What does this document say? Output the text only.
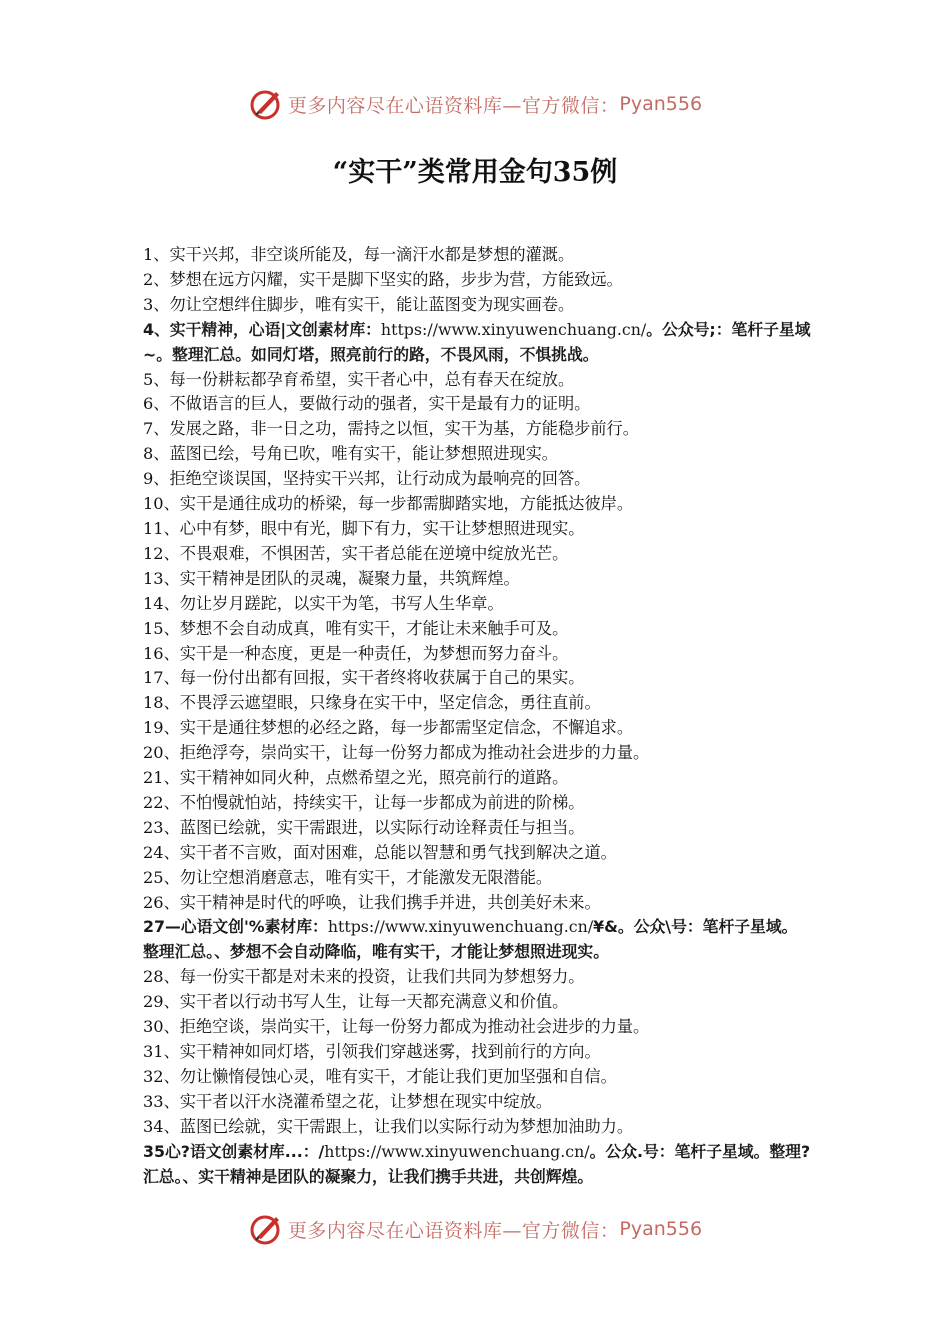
更多内容尽在心语资料库—官方微信： Pyan556
“实干”类常用金句35例
1、实干兴邦，非空谈所能及，每一滴汗水都是梦想的灌溉。
2、梦想在远方闪耀，实干是脚下坚实的路，步步为营，方能致远。
3、勿让空想绊住脚步，唯有实干，能让蓝图变为现实画卷。
4、实干精神，心语|文创素材库：https://www.xinyuwenchuang.cn/。公众号;：笔杆子星域~。整理汇总。如同灯塔，照亮前行的路，不畏风雨，不惧挑战。
5、每一份耕耘都孕育希望，实干者心中，总有春天在绽放。
6、不做语言的巨人，要做行动的强者，实干是最有力的证明。
7、发展之路，非一日之功，需持之以恒，实干为基，方能稳步前行。
8、蓝图已绘，号角已吹，唯有实干，能让梦想照进现实。
9、拒绝空谈误国，坚持实干兴邦，让行动成为最响亮的回答。
10、实干是通往成功的桥梁，每一步都需脚踏实地，方能抵达彼岸。
11、心中有梦，眼中有光，脚下有力，实干让梦想照进现实。
12、不畏艰难，不惧困苦，实干者总能在逆境中绽放光芒。
13、实干精神是团队的灵魂，凝聚力量，共筑辉煌。
14、勿让岁月蹉跎，以实干为笔，书写人生华章。
15、梦想不会自动成真，唯有实干，才能让未来触手可及。
16、实干是一种态度，更是一种责任，为梦想而努力奋斗。
17、每一份付出都有回报，实干者终将收获属于自己的果实。
18、不畏浮云遮望眼，只缘身在实干中，坚定信念，勇往直前。
19、实干是通往梦想的必经之路，每一步都需坚定信念，不懈追求。
20、拒绝浮夸，崇尚实干，让每一份努力都成为推动社会进步的力量。
21、实干精神如同火种，点燃希望之光，照亮前行的道路。
22、不怕慢就怕站，持续实干，让每一步都成为前进的阶梯。
23、蓝图已绘就，实干需跟进，以实际行动诠释责任与担当。
24、实干者不言败，面对困难，总能以智慧和勇气找到解决之道。
25、勿让空想消磨意志，唯有实干，才能激发无限潜能。
26、实干精神是时代的呼唤，让我们携手并进，共创美好未来。
27—心语文创'%素材库：https://www.xinyuwenchuang.cn/¥&。公众\号：笔杆子星域。整理汇总。、梦想不会自动降临，唯有实干，才能让梦想照进现实。
28、每一份实干都是对未来的投资，让我们共同为梦想努力。
29、实干者以行动书写人生，让每一天都充满意义和价值。
30、拒绝空谈，崇尚实干，让每一份努力都成为推动社会进步的力量。
31、实干精神如同灯塔，引领我们穿越迷雾，找到前行的方向。
32、勿让懒惰侵蚀心灵，唯有实干，才能让我们更加坚强和自信。
33、实干者以汗水浇灌希望之花，让梦想在现实中绽放。
34、蓝图已绘就，实干需跟上，让我们以实际行动为梦想加油助力。
35心?语文创素材库...：/https://www.xinyuwenchuang.cn/。公众.号：笔杆子星域。整理?汇总。、实干精神是团队的凝聚力，让我们携手共进，共创辉煌。
更多内容尽在心语资料库—官方微信： Pyan556
